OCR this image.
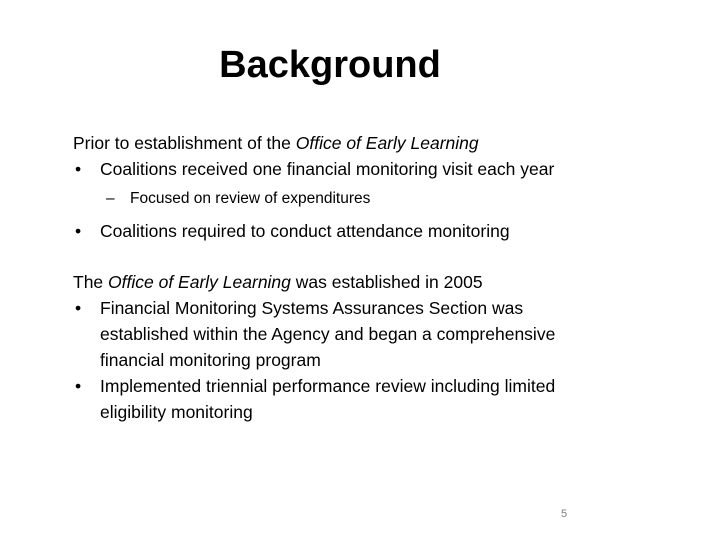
Background
Prior to establishment of the Office of Early Learning
• Coalitions received one financial monitoring visit each year
– Focused on review of expenditures
• Coalitions required to conduct attendance monitoring
The Office of Early Learning was established in 2005
• Financial Monitoring Systems Assurances Section was established within the Agency and began a comprehensive financial monitoring program
• Implemented triennial performance review including limited eligibility monitoring
5
